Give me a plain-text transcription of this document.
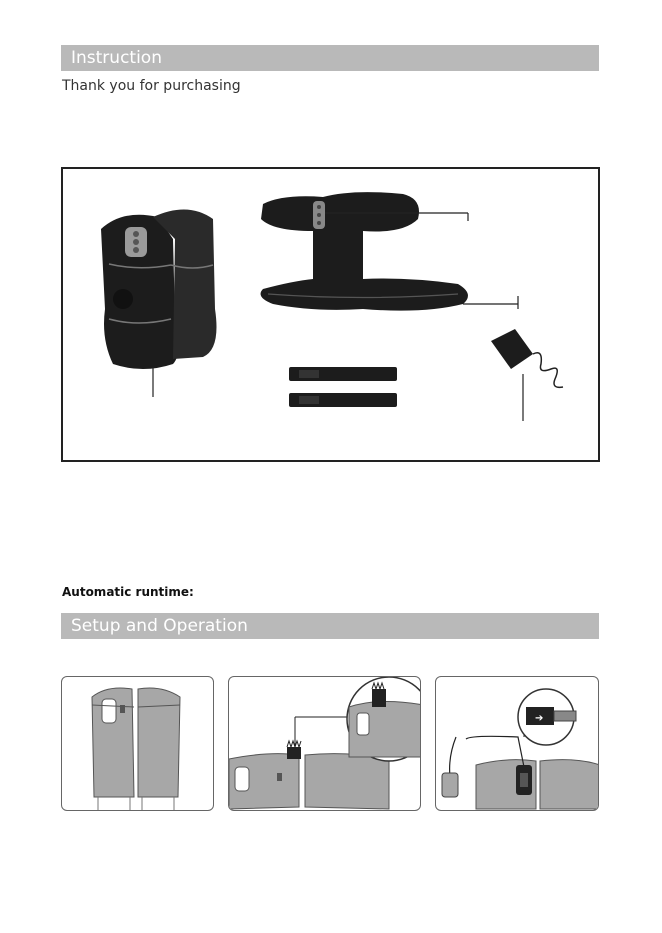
Instruction
Thank you for purchasing
Automatic runtime:
Setup and Operation
➔
